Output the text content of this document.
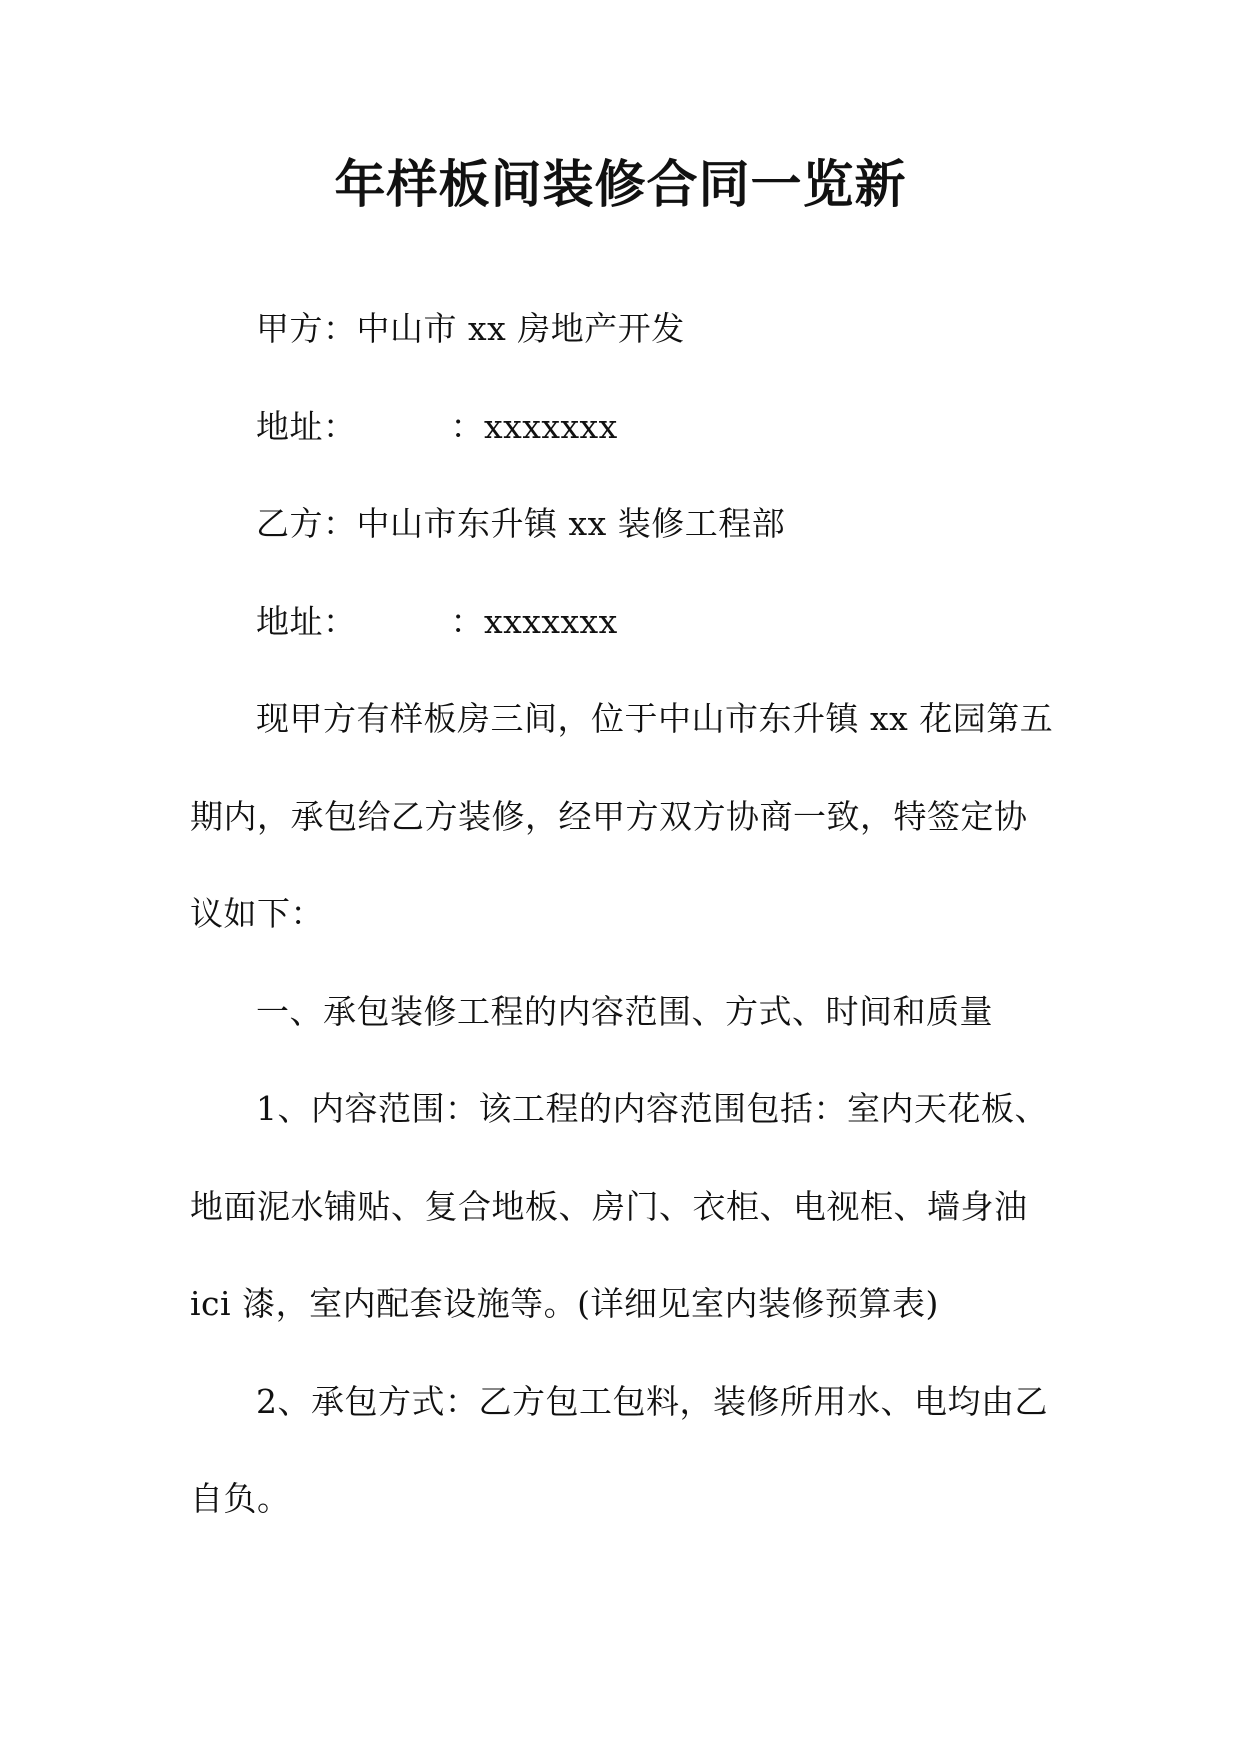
年样板间装修合同一览新
甲方：中山市 xx 房地产开发
地址：	：xxxxxxx
乙方：中山市东升镇 xx 装修工程部
地址：	：xxxxxxx
现甲方有样板房三间，位于中山市东升镇 xx 花园第五
期内，承包给乙方装修，经甲方双方协商一致，特签定协
议如下：
一、承包装修工程的内容范围、方式、时间和质量
1、内容范围：该工程的内容范围包括：室内天花板、
地面泥水铺贴、复合地板、房门、衣柜、电视柜、墙身油
ici 漆，室内配套设施等。(详细见室内装修预算表)
2、承包方式：乙方包工包料，装修所用水、电均由乙
自负。
